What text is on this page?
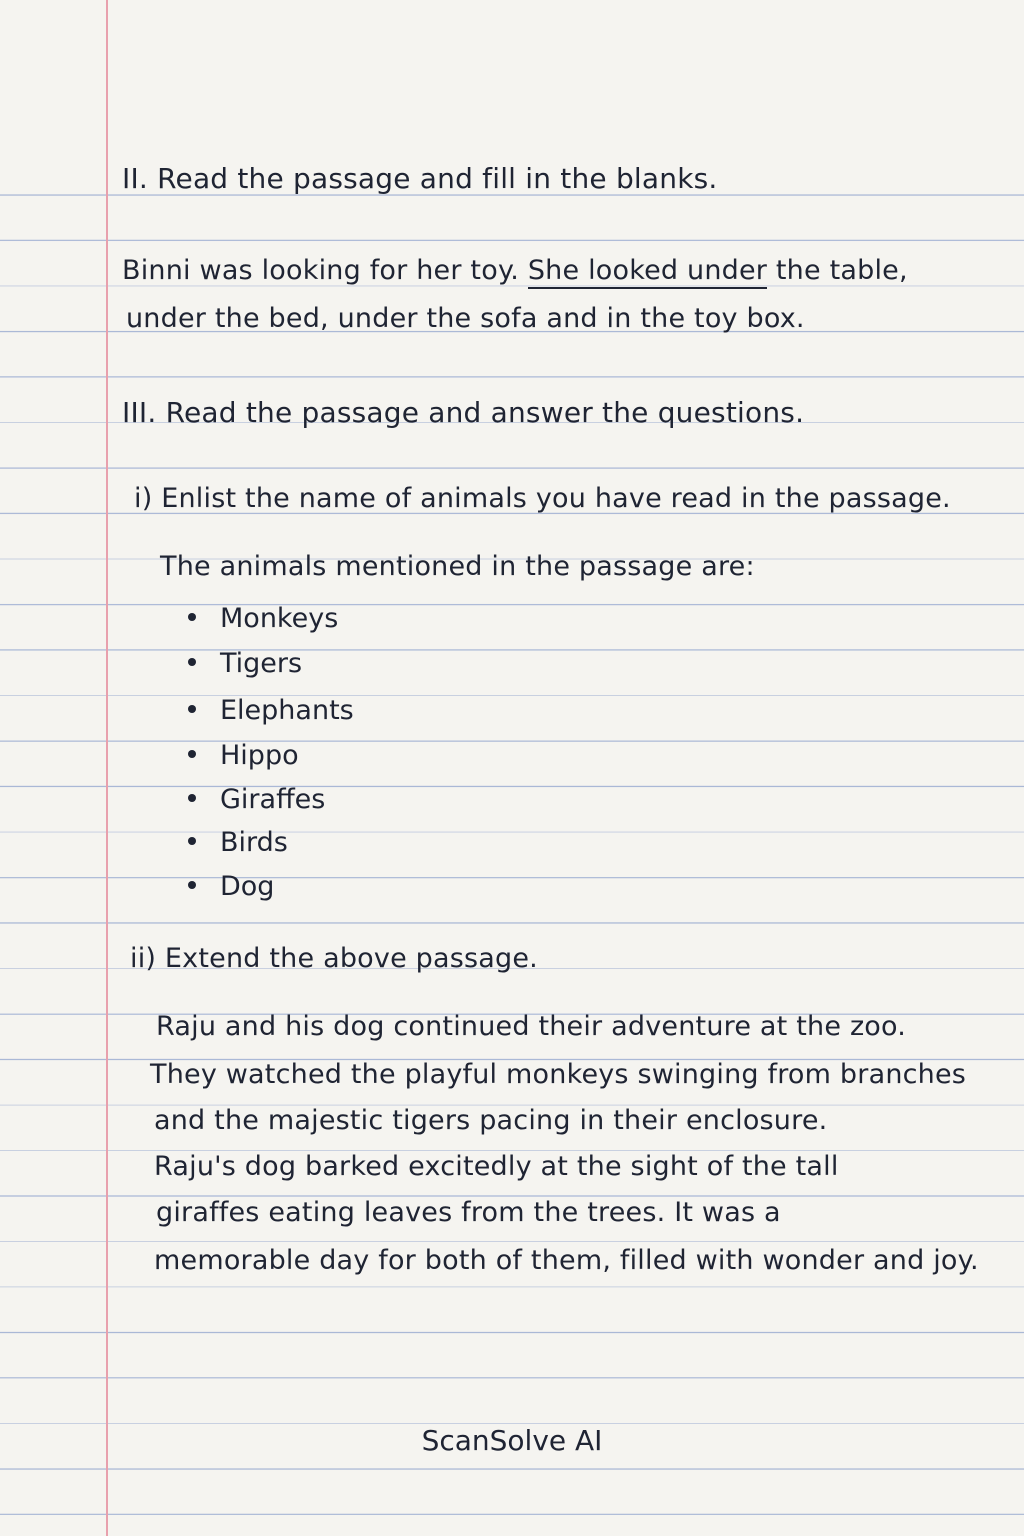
II. Read the passage and fill in the blanks.
Binni was looking for her toy. She looked under the table,
under the bed, under the sofa and in the toy box.
III. Read the passage and answer the questions.
i) Enlist the name of animals you have read in the passage.
The animals mentioned in the passage are:
Monkeys
Tigers
Elephants
Hippo
Giraffes
Birds
Dog
ii) Extend the above passage.
Raju and his dog continued their adventure at the zoo.
They watched the playful monkeys swinging from branches
and the majestic tigers pacing in their enclosure.
Raju's dog barked excitedly at the sight of the tall
giraffes eating leaves from the trees. It was a
memorable day for both of them, filled with wonder and joy.
ScanSolve AI
